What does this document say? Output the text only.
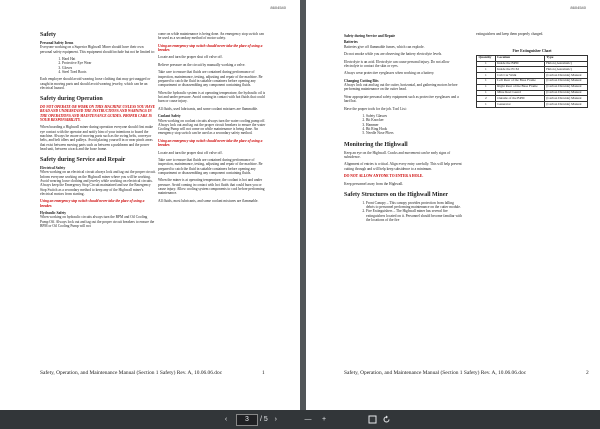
8604540
Safety
Personal Safety Items

Everyone working on a Superior Highwall Miner should have their own personal safety equipment. This equipment should include but not be limited to:

1. Hard Hat
2. Protective Eye Wear
3. Gloves
4. Steel Toed Boots

Each employee should avoid wearing loose clothing that may get snagged or caught in moving parts and should avoid wearing jewelry, which can be an electrical hazard.

Safety during Operation
DO NOT OPERATE OR WORK ON THIS MACHINE UNLESS YOU HAVE READ AND UNDERSTAND THE INSTRUCTIONS AND WARNINGS IN THE OPERATIONS AND MAINTENANCE GUIDES. PROPER CARE IS YOUR RESPONSIBILITY.

When boarding a Highwall miner during operation everyone should first make eye contact with the operator and notify him of your intentions to board the machine. Always be aware of moving parts such as the swing belts, conveyor belts, and belt idlers and pulleys. Avoid placing yourself in or near pinch areas that exist between moving parts such as between a pushbeam and the power head unit, between a track and the boxe frame.

Safety during Service and Repair
Electrical Safety

When working on an electrical circuit always lock and tag out the proper circuit. Inform everyone working on the Highwall miner where you will be working. Avoid wearing loose clothing and jewelry while working on electrical circuits. Always keep the Emergency Stop Circuit maintained and use the Emergency Stop Switch as a secondary method to keep any of the Highwall miner's electrical motors from starting.

Using an emergency stop switch should never take the place of using a breaker.
Hydraulic Safety

When working on hydraulic circuits always turn the BPM and Oil Cooling Pump Off. Always lock out and tag out the proper circuit breakers to ensure the BPM or Oil Cooling Pump will not

come on while maintenance is being done. An emergency stop switch can be used as a secondary method of motor safety.

Using an emergency stop switch should never take the place of using a breaker.

Locate and turn the proper shut off valve off.

Relieve pressure on the circuit by manually working a valve.

Take care to ensure that fluids are contained during performance of inspection, maintenance, testing, adjusting and repair of the machine. Be prepared to catch the fluid in suitable containers before opening any compartment or disassembling any component containing fluids.

When the hydraulic system is at operating temperature, the hydraulic oil is hot and under pressure. Avoid coming in contact with hot fluids that could burn or cause injury.

All fluids, used lubricants, and some coolant mixtures are flammable.

Coolant Safety

When working on coolant circuits always turn the water cooling pump off. Always lock out and tag out the proper circuit breakers to ensure the water Cooling Pump will not come on while maintenance is being done. An emergency stop switch can be used as a secondary safety method.

Using an emergency stop switch should never take the place of using a breaker.

Locate and turn the proper shut off valve off.

Take care to ensure that fluids are contained during performance of inspection, maintenance, testing, adjusting and repair of the machine. Be prepared to catch the fluid in suitable containers before opening any compartment or disassembling any component containing fluids.

When the miner is at operating temperature, the coolant is hot and under pressure. Avoid coming in contact with hot fluids that could burn you or cause injury. Allow cooling system components to cool before performing maintenance.

All fluids, most lubricants, and some coolant mixtures are flammable.

Safety, Operation, and Maintenance Manual (Section 1 Safety) Rev. A, 10.06.06.doc	1
8604540
Safety during Service and Repair
Batteries

Batteries give off flammable fumes, which can explode.

Do not smoke while you are observing the battery electrolyte levels.

Electrolyte is an acid. Electrolyte can cause personal injury. Do not allow electrolyte to contact the skin or eyes.

Always wear protective eyeglasses when working on a battery.

Changing Cutting Bits

Always lock out and tag out the cutter, horizontal, and gathering motors before performing maintenance on the cutter head.

Wear appropriate personal safety equipment such as protective eyeglasses and a hard hat.

Have the proper tools for the job. Tool List:

1. Safety Glasses
2. Bit Knocker
3. Hammer
4. Bit Ring Hook
5. Needle Nose Pliers
Monitoring the Highwall

Keep an eye on the Highwall. Cracks and movement can be early signs of subsidence.

Alignment of entries is critical. Align every entry carefully. This will help prevent cutting through and will help keep subsidence to a minimum.

DO NOT ALLOW ANYONE TO ENTER A HOLE.

Keep personnel away from the Highwall.

Safety Structures on the Highwall Miner
1. Front Canopy – This canopy provides protection from falling debris to personnel performing maintenance on the cutter module.
2. Fire Extinguishers – The Highwall miner has several fire extinguishers located on it. Personnel should become familiar with the locations of the fire

extinguishers and keep them properly charged.

Fire Extinguisher Chart
Quantity	Location	Type
1	Inside the BPM	Halon (Automatic)
1	Inside the ECM	Halon (Automatic)
1	Cab Car Walk	(Carbon Dioxide) Manual
1	Left Rear of the Base Frame	(Carbon Dioxide) Manual
1	Right Rear of the Base Frame	(Carbon Dioxide) Manual
1	Mine Reel Guard	(Carbon Dioxide) Manual
2	Outside of the BPM	(Carbon Dioxide) Manual
1	Generator	(Carbon Dioxide) Manual
Safety, Operation, and Maintenance Manual (Section 1 Safety) Rev. A, 10.06.06.doc	2
‹	3	/ 5 ›	—	+
